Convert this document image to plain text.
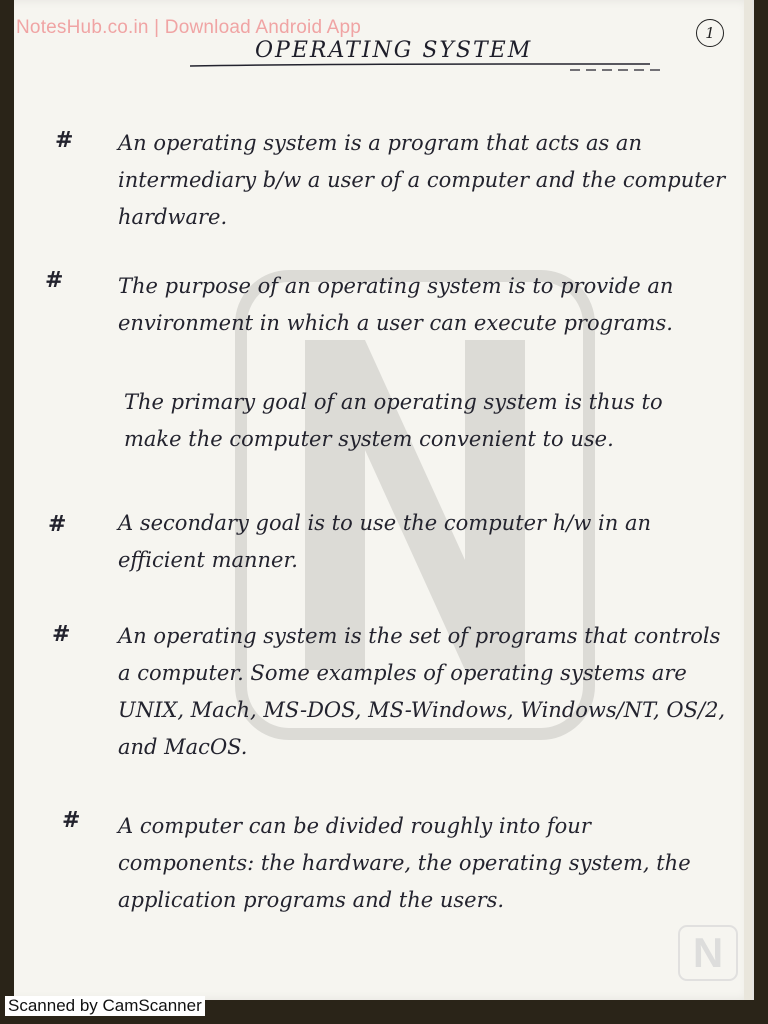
NotesHub.co.in | Download Android App	1
OPERATING SYSTEM
# An operating system is a program that acts as an intermediary b/w a user of a computer and the computer hardware.

#	The purpose of an operating system is to provide an environment in which a user can execute programs.

The primary goal of an operating system is thus to make the computer system convenient to use.

# A secondary goal is to use the computer h/w in an efficient manner.

# An operating system is the set of programs that controls a computer. Some examples of operating systems are UNIX, Mach, MS-DOS, MS-Windows, Windows/NT, OS/2, and MacOS.

# A computer can be divided roughly into four components: the hardware, the operating system, the application programs and the users.

N
Scanned by CamScanner
